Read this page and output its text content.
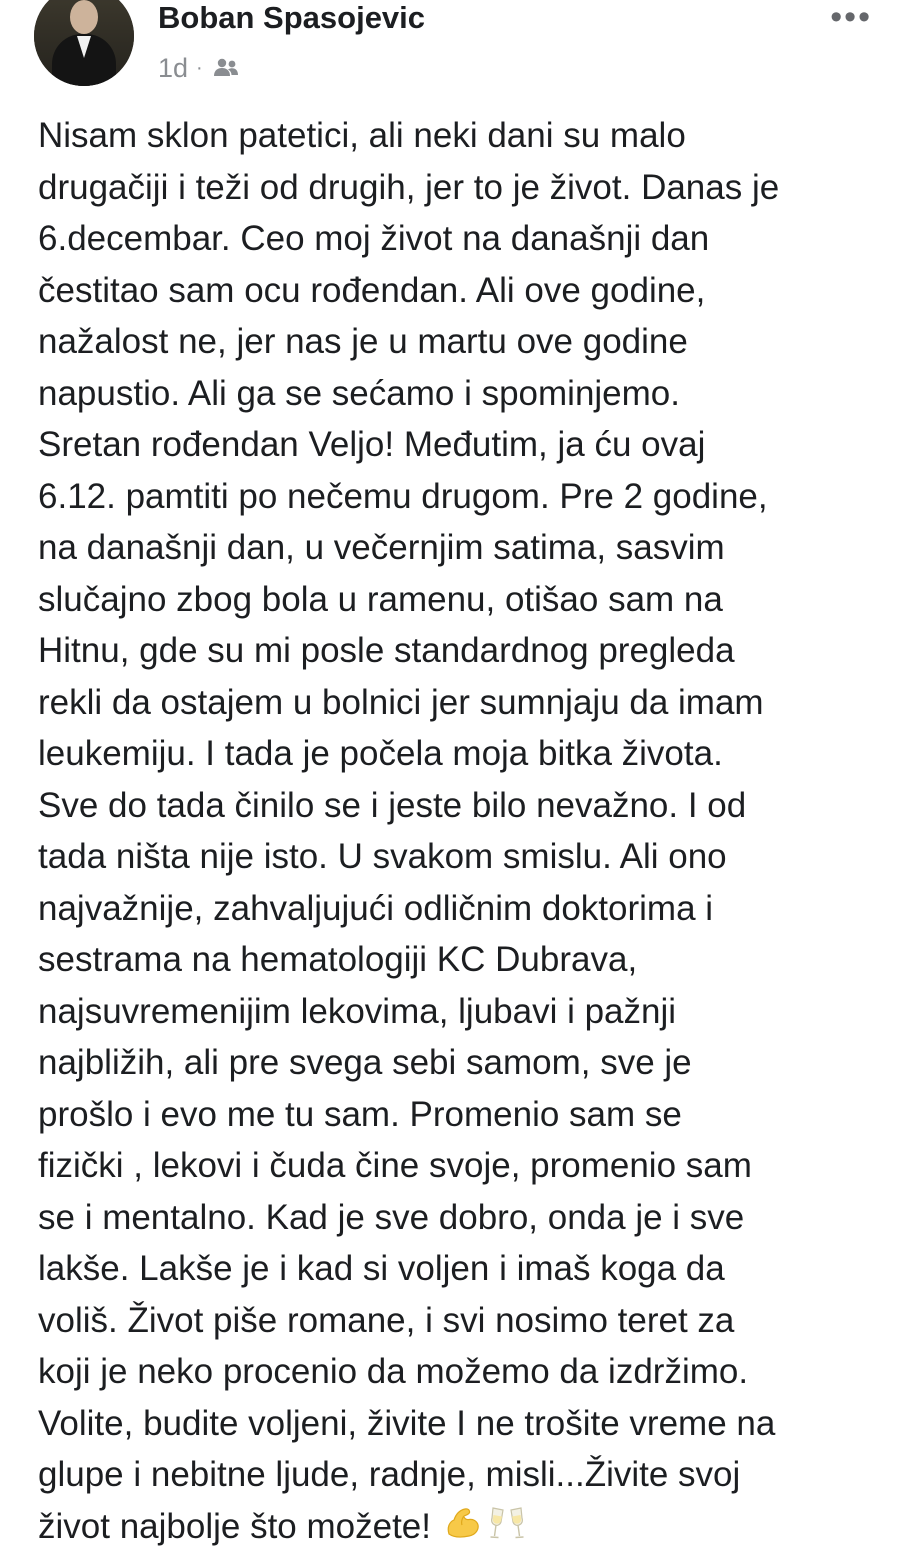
Boban Spasojevic
1d ·
•••
Nisam sklon patetici, ali neki dani su malo
drugačiji i teži od drugih, jer to je život. Danas je
6.decembar. Ceo moj život na današnji dan
čestitao sam ocu rođendan. Ali ove godine,
nažalost ne, jer nas je u martu ove godine
napustio. Ali ga se sećamo i spominjemo.
Sretan rođendan Veljo! Međutim, ja ću ovaj
6.12. pamtiti po nečemu drugom. Pre 2 godine,
na današnji dan, u večernjim satima, sasvim
slučajno zbog bola u ramenu, otišao sam na
Hitnu, gde su mi posle standardnog pregleda
rekli da ostajem u bolnici jer sumnjaju da imam
leukemiju. I tada je počela moja bitka života.
Sve do tada činilo se i jeste bilo nevažno. I od
tada ništa nije isto. U svakom smislu. Ali ono
najvažnije, zahvaljujući odličnim doktorima i
sestrama na hematologiji KC Dubrava,
najsuvremenijim lekovima, ljubavi i pažnji
najbližih, ali pre svega sebi samom, sve je
prošlo i evo me tu sam. Promenio sam se
fizički , lekovi i čuda čine svoje, promenio sam
se i mentalno. Kad je sve dobro, onda je i sve
lakše. Lakše je i kad si voljen i imaš koga da
voliš. Život piše romane, i svi nosimo teret za
koji je neko procenio da možemo da izdržimo.
Volite, budite voljeni, živite I ne trošite vreme na
glupe i nebitne ljude, radnje, misli...Živite svoj
život najbolje što možete!
